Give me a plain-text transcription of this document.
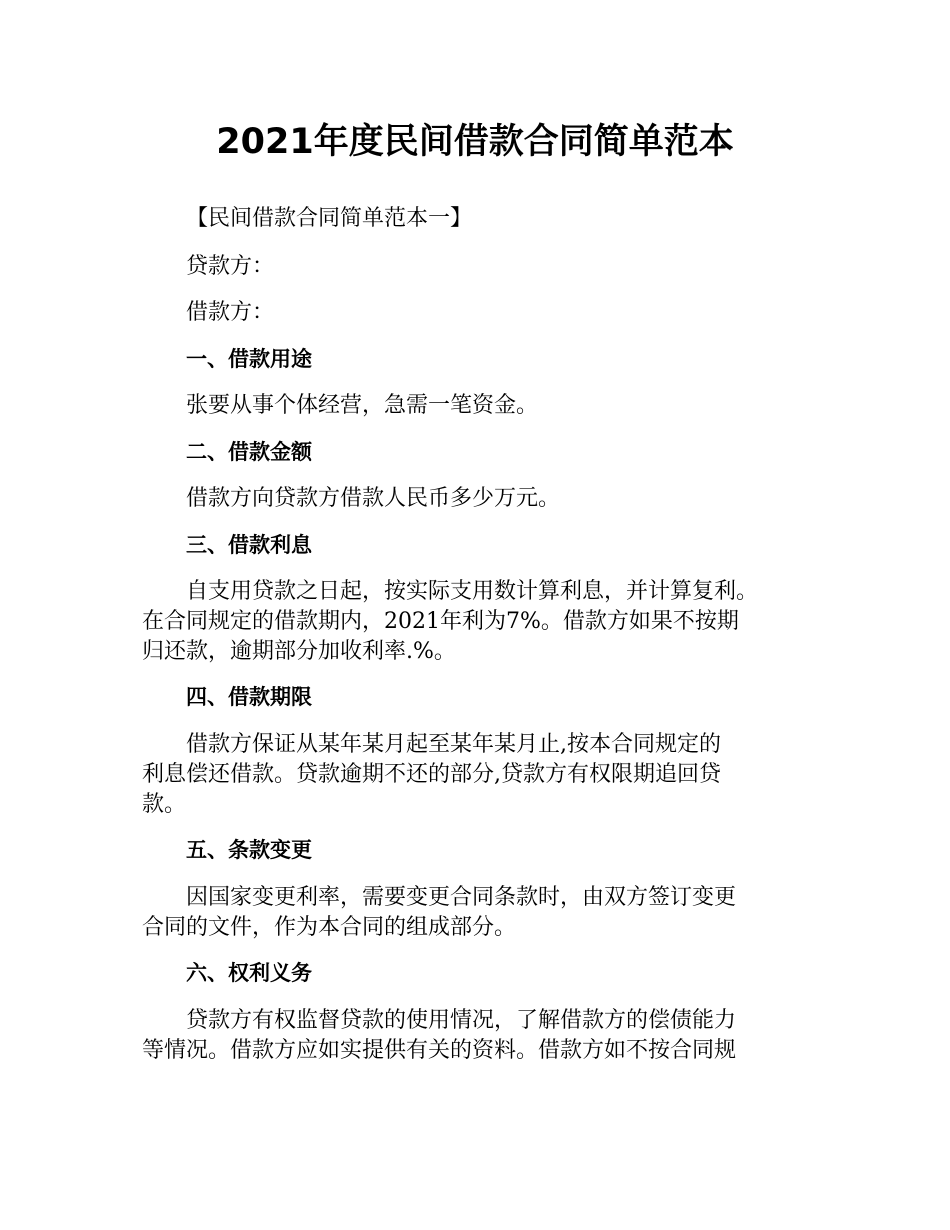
2021年度民间借款合同简单范本

【民间借款合同简单范本一】

贷款方：

借款方：

一、借款用途

张要从事个体经营，急需一笔资金。

二、借款金额

借款方向贷款方借款人民币多少万元。

三、借款利息

自支用贷款之日起，按实际支用数计算利息，并计算复利。

在合同规定的借款期内，2021年利为7%。借款方如果不按期

归还款，逾期部分加收利率.%。

四、借款期限

借款方保证从某年某月起至某年某月止,按本合同规定的

利息偿还借款。贷款逾期不还的部分,贷款方有权限期追回贷

款。

五、条款变更

因国家变更利率，需要变更合同条款时，由双方签订变更

合同的文件，作为本合同的组成部分。

六、权利义务

贷款方有权监督贷款的使用情况，了解借款方的偿债能力

等情况。借款方应如实提供有关的资料。借款方如不按合同规
